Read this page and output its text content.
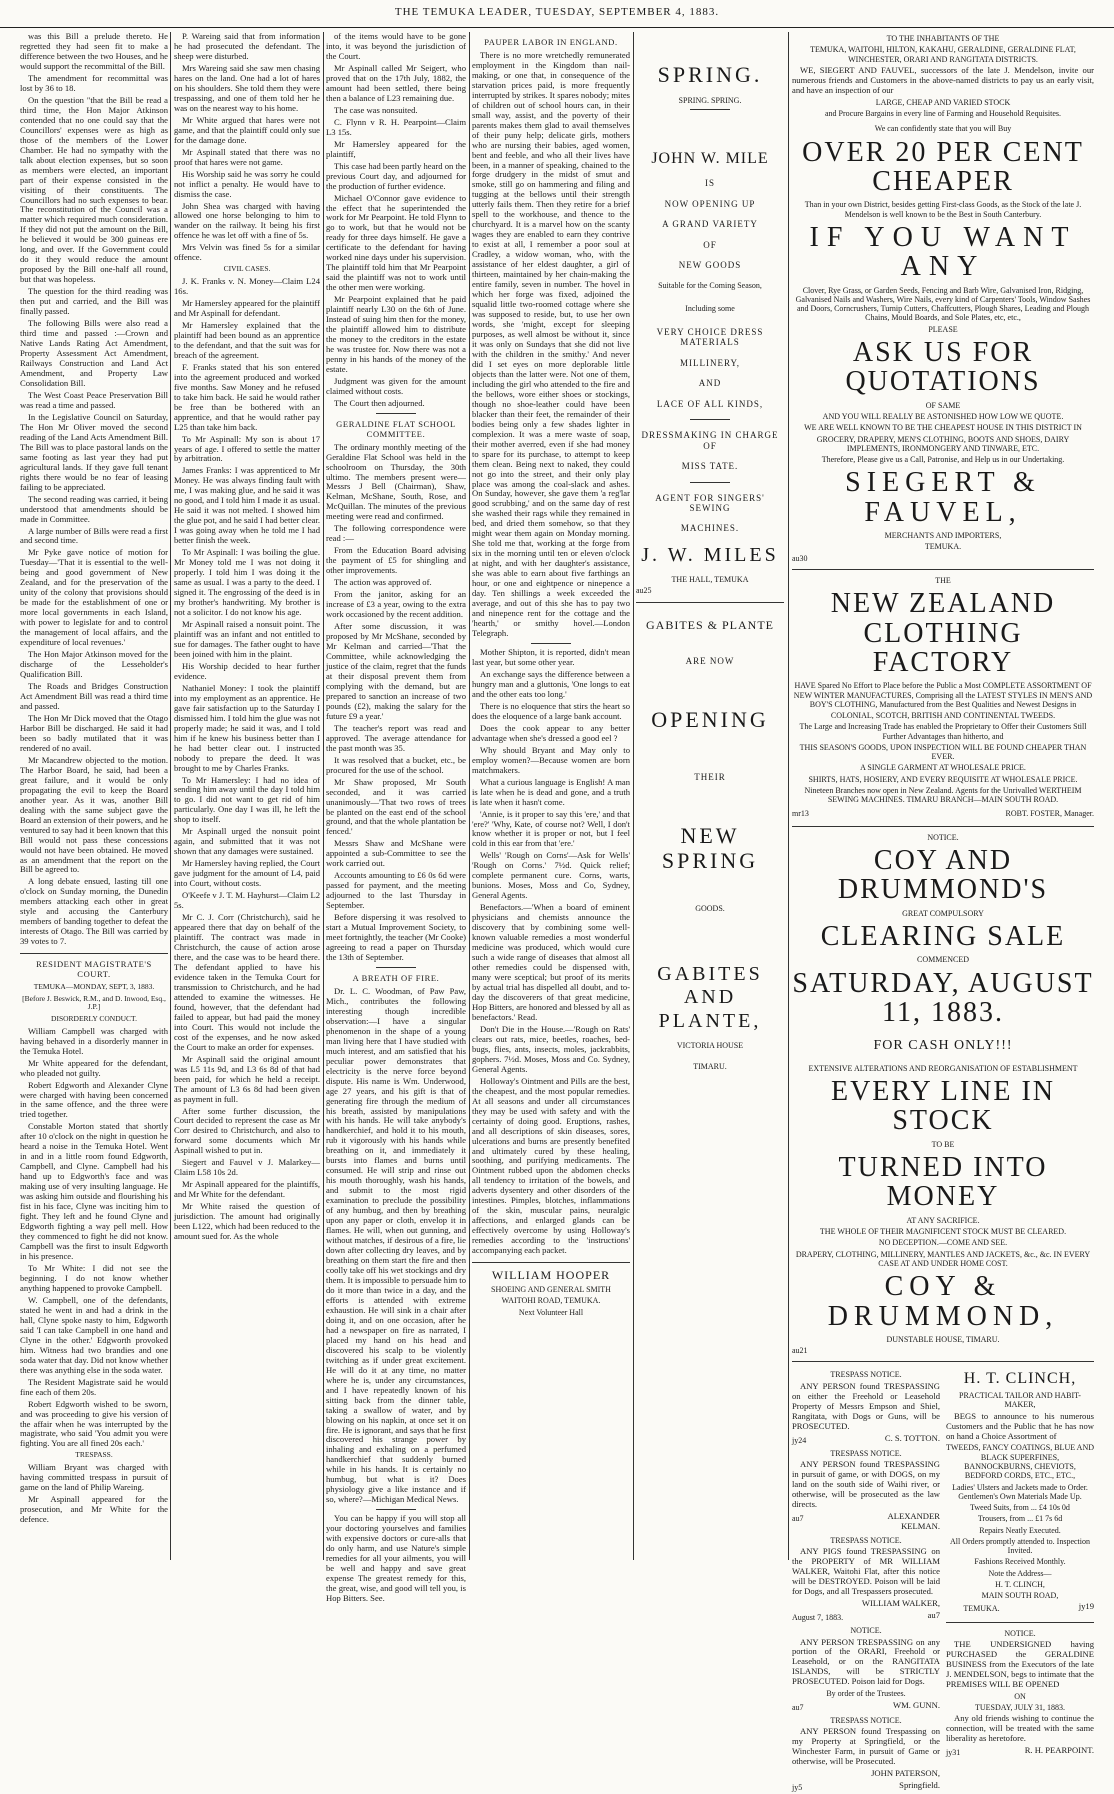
THE TEMUKA LEADER, TUESDAY, SEPTEMBER 4, 1883.

was this Bill a prelude thereto. He regretted they had seen fit to make a difference between the two Houses, and he would support the recommittal of the Bill.

The amendment for recommittal was lost by 36 to 18.

On the question "that the Bill be read a third time, the Hon Major Atkinson contended that no one could say that the Councillors' expenses were as high as those of the members of the Lower Chamber. He had no sympathy with the talk about election expenses, but so soon as members were elected, an important part of their expense consisted in the visiting of their constituents. The Councillors had no such expenses to bear. The reconstitution of the Council was a matter which required much consideration. If they did not put the amount on the Bill, he believed it would be 300 guineas ere long, and over. If the Government could do it they would reduce the amount proposed by the Bill one-half all round, but that was hopeless.

The question for the third reading was then put and carried, and the Bill was finally passed.

The following Bills were also read a third time and passed :—Crown and Native Lands Rating Act Amendment, Property Assessment Act Amendment, Railways Construction and Land Act Amendment, and Property Law Consolidation Bill.

The West Coast Peace Preservation Bill was read a time and passed.

In the Legislative Council on Saturday, The Hon Mr Oliver moved the second reading of the Land Acts Amendment Bill. The Bill was to place pastoral lands on the same footing as last year they had put agricultural lands. If they gave full tenant rights there would be no fear of leasing failing to be appreciated.

The second reading was carried, it being understood that amendments should be made in Committee.

A large number of Bills were read a first and second time.

Mr Pyke gave notice of motion for Tuesday—'That it is essential to the well-being and good government of New Zealand, and for the preservation of the unity of the colony that provisions should be made for the establishment of one or more local governments in each Island, with power to legislate for and to control the management of local affairs, and the expenditure of local revenues.'

The Hon Major Atkinson moved for the discharge of the Lesseholder's Qualification Bill.

The Roads and Bridges Construction Act Amendment Bill was read a third time and passed.

The Hon Mr Dick moved that the Otago Harbor Bill be discharged. He said it had been so badly mutilated that it was rendered of no avail.

Mr Macandrew objected to the motion. The Harbor Board, he said, had been a great failure, and it would be only propagating the evil to keep the Board another year. As it was, another Bill dealing with the same subject gave the Board an extension of their powers, and he ventured to say had it been known that this Bill would not pass these concessions would not have been obtained. He moved as an amendment that the report on the Bill be agreed to.

A long debate ensued, lasting till one o'clock on Sunday morning, the Dunedin members attacking each other in great style and accusing the Canterbury members of banding together to defeat the interests of Otago. The Bill was carried by 39 votes to 7.

RESIDENT MAGISTRATE'S COURT.

TEMUKA—MONDAY, SEPT, 3, 1883.

[Before J. Beswick, R.M., and D. Inwood, Esq., J.P.]

DISORDERLY CONDUCT.

William Campbell was charged with having behaved in a disorderly manner in the Temuka Hotel.

Mr White appeared for the defendant, who pleaded not guilty.

Robert Edgworth and Alexander Clyne were charged with having been concerned in the same offence, and the three were tried together.

Constable Morton stated that shortly after 10 o'clock on the night in question he heard a noise in the Temuka Hotel. Went in and in a little room found Edgworth, Campbell, and Clyne. Campbell had his hand up to Edgworth's face and was making use of very insulting language. He was asking him outside and flourishing his fist in his face, Clyne was inciting him to fight. They left and he found Clyne and Edgworth fighting a way pell mell. How they commenced to fight he did not know. Campbell was the first to insult Edgworth in his presence.

To Mr White: I did not see the beginning. I do not know whether anything happened to provoke Campbell.

W. Campbell, one of the defendants, stated he went in and had a drink in the hall, Clyne spoke nasty to him, Edgworth said 'I can take Campbell in one hand and Clyne in the other.' Edgworth provoked him. Witness had two brandies and one soda water that day. Did not know whether there was anything else in the soda water.

The Resident Magistrate said he would fine each of them 20s.

Robert Edgworth wished to be sworn, and was proceeding to give his version of the affair when he was interrupted by the magistrate, who said 'You admit you were fighting. You are all fined 20s each.'

TRESPASS.

William Bryant was charged with having committed trespass in pursuit of game on the land of Philip Wareing.

Mr Aspinall appeared for the prosecution, and Mr White for the defence.

P. Wareing said that from information he had prosecuted the defendant. The sheep were disturbed.

Mrs Wareing said she saw men chasing hares on the land. One had a lot of hares on his shoulders. She told them they were trespassing, and one of them told her he was on the nearest way to his home.

Mr White argued that hares were not game, and that the plaintiff could only sue for the damage done.

Mr Aspinall stated that there was no proof that hares were not game.

His Worship said he was sorry he could not inflict a penalty. He would have to dismiss the case.

John Shea was charged with having allowed one horse belonging to him to wander on the railway. It being his first offence he was let off with a fine of 5s.

Mrs Velvin was fined 5s for a similar offence.

CIVIL CASES.

J. K. Franks v. N. Money—Claim L24 16s.

Mr Hamersley appeared for the plaintiff and Mr Aspinall for defendant.

Mr Hamersley explained that the plaintiff had been bound as an apprentice to the defendant, and that the suit was for breach of the agreement.

F. Franks stated that his son entered into the agreement produced and worked five months. Saw Money and he refused to take him back. He said he would rather be free than be bothered with an apprentice, and that he would rather pay L25 than take him back.

To Mr Aspinall: My son is about 17 years of age. I offered to settle the matter by arbitration.

James Franks: I was apprenticed to Mr Money. He was always finding fault with me, I was making glue, and he said it was no good, and I told him I made it as usual. He said it was not melted. I showed him the glue pot, and he said I had better clear. I was going away when he told me I had better finish the week.

To Mr Aspinall: I was boiling the glue. Mr Money told me I was not doing it properly. I told him I was doing it the same as usual. I was a party to the deed. I signed it. The engrossing of the deed is in my brother's handwriting. My brother is not a solicitor. I do not know his age.

Mr Aspinall raised a nonsuit point. The plaintiff was an infant and not entitled to sue for damages. The father ought to have been joined with him in the plaint.

His Worship decided to hear further evidence.

Nathaniel Money: I took the plaintiff into my employment as an apprentice. He gave fair satisfaction up to the Saturday I dismissed him. I told him the glue was not properly made; he said it was, and I told him if he knew his business better than I he had better clear out. I instructed nobody to prepare the deed. It was brought to me by Charles Franks.

To Mr Hamersley: I had no idea of sending him away until the day I told him to go. I did not want to get rid of him particularly. One day I was ill, he left the shop to itself.

Mr Aspinall urged the nonsuit point again, and submitted that it was not shown that any damages were sustained.

Mr Hamersley having replied, the Court gave judgment for the amount of L4, paid into Court, without costs.

O'Keefe v J. T. M. Hayhurst—Claim L2 5s.

Mr C. J. Corr (Christchurch), said he appeared there that day on behalf of the plaintiff. The contract was made in Christchurch, the cause of action arose there, and the case was to be heard there. The defendant applied to have his evidence taken in the Temuka Court for transmission to Christchurch, and he had attended to examine the witnesses. He found, however, that the defendant had failed to appear, but had paid the money into Court. This would not include the cost of the expenses, and he now asked the Court to make an order for expenses.

Mr Aspinall said the original amount was L5 11s 9d, and L3 6s 8d of that had been paid, for which he held a receipt. The amount of L3 6s 8d had been given as payment in full.

After some further discussion, the Court decided to represent the case as Mr Corr desired to Christchurch, and also to forward some documents which Mr Aspinall wished to put in.

Siegert and Fauvel v J. Malarkey—Claim L58 10s 2d.

Mr Aspinall appeared for the plaintiffs, and Mr White for the defendant.

Mr White raised the question of jurisdiction. The amount had originally been L122, which had been reduced to the amount sued for. As the whole

of the items would have to be gone into, it was beyond the jurisdiction of the Court.

Mr Aspinall called Mr Seigert, who proved that on the 17th July, 1882, the amount had been settled, there being then a balance of L23 remaining due.

The case was nonsuited.

C. Flynn v R. H. Pearpoint—Claim L3 15s.

Mr Hamersley appeared for the plaintiff,

This case had been partly heard on the previous Court day, and adjourned for the production of further evidence.

Michael O'Connor gave evidence to the effect that he superintended the work for Mr Pearpoint. He told Flynn to go to work, but that he would not be ready for three days himself. He gave a certificate to the defendant for having worked nine days under his supervision. The plaintiff told him that Mr Pearpoint said the plaintiff was not to work until the other men were working.

Mr Pearpoint explained that he paid plaintiff nearly L30 on the 6th of June. Instead of suing him then for the money, the plaintiff allowed him to distribute the money to the creditors in the estate he was trustee for. Now there was not a penny in his hands of the money of the estate.

Judgment was given for the amount claimed without costs.

The Court then adjourned.

GERALDINE FLAT SCHOOL COMMITTEE.

The ordinary monthly meeting of the Geraldine Flat School was held in the schoolroom on Thursday, the 30th ultimo. The members present were—Messrs J Bell (Chairman), Shaw, Kelman, McShane, South, Rose, and McQuillan. The minutes of the previous meeting were read and confirmed.

The following correspondence were read :—

From the Education Board advising the payment of £5 for shingling and other improvements.

The action was approved of.

From the janitor, asking for an increase of £3 a year, owing to the extra work occasioned by the recent addition.

After some discussion, it was proposed by Mr McShane, seconded by Mr Kelman and carried—'That the Committee, while acknowledging the justice of the claim, regret that the funds at their disposal prevent them from complying with the demand, but are prepared to sanction an increase of two pounds (£2), making the salary for the future £9 a year.'

The teacher's report was read and approved. The average attendance for the past month was 35.

It was resolved that a bucket, etc., be procured for the use of the school.

Mr Shaw proposed, Mr South seconded, and it was carried unanimously—'That two rows of trees be planted on the east end of the school ground, and that the whole plantation be fenced.'

Messrs Shaw and McShane were appointed a sub-Committee to see the work carried out.

Accounts amounting to £6 0s 6d were passed for payment, and the meeting adjourned to the last Thursday in September.

Before dispersing it was resolved to start a Mutual Improvement Society, to meet fortnightly, the teacher (Mr Cooke) agreeing to read a paper on Thursday the 13th of September.

A BREATH OF FIRE.

Dr. L. C. Woodman, of Paw Paw, Mich., contributes the following interesting though incredible observation:—I have a singular phenomenon in the shape of a young man living here that I have studied with much interest, and am satisfied that his peculiar power demonstrates that electricity is the nerve force beyond dispute. His name is Wm. Underwood, age 27 years, and his gift is that of generating fire through the medium of his breath, assisted by manipulations with his hands. He will take anybody's handkerchief, and hold it to his mouth, rub it vigorously with his hands while breathing on it, and immediately it bursts into flames and burns until consumed. He will strip and rinse out his mouth thoroughly, wash his hands, and submit to the most rigid examination to preclude the possibility of any humbug, and then by breathing upon any paper or cloth, envelop it in flames. He will, when out gunning, and without matches, if desirous of a fire, lie down after collecting dry leaves, and by breathing on them start the fire and then coolly take off his wet stockings and dry them. It is impossible to persuade him to do it more than twice in a day, and the efforts is attended with extreme exhaustion. He will sink in a chair after doing it, and on one occasion, after he had a newspaper on fire as narrated, I placed my hand on his head and discovered his scalp to be violently twitching as if under great excitement. He will do it at any time, no matter where he is, under any circumstances, and I have repeatedly known of his sitting back from the dinner table, taking a swallow of water, and by blowing on his napkin, at once set it on fire. He is ignorant, and says that he first discovered his strange power by inhaling and exhaling on a perfumed handkerchief that suddenly burned while in his hands. It is certainly no humbug, but what is it? Does physiology give a like instance and if so, where?—Michigan Medical News.

You can be happy if you will stop all your doctoring yourselves and families with expensive doctors or cure-alls that do only harm, and use Nature's simple remedies for all your ailments, you will be well and happy and save great expense The greatest remedy for this, the great, wise, and good will tell you, is Hop Bitters. See.

PAUPER LABOR IN ENGLAND.

There is no more wretchedly remunerated employment in the Kingdom than nail-making, or one that, in consequence of the starvation prices paid, is more frequently interrupted by strikes. It spares nobody; mites of children out of school hours can, in their small way, assist, and the poverty of their parents makes them glad to avail themselves of their puny help; delicate girls, mothers who are nursing their babies, aged women, bent and feeble, and who all their lives have been, in a manner of speaking, chained to the forge drudgery in the midst of smut and smoke, still go on hammering and filing and tugging at the bellows until their strength utterly fails them. Then they retire for a brief spell to the workhouse, and thence to the churchyard. It is a marvel how on the scanty wages they are enabled to earn they contrive to exist at all, I remember a poor soul at Cradley, a widow woman, who, with the assistance of her eldest daughter, a girl of thirteen, maintained by her chain-making the entire family, seven in number. The hovel in which her forge was fixed, adjoined the squalid little two-roomed cottage where she was supposed to reside, but, to use her own words, she 'might, except for sleeping purposes, as well almost be without it, since it was only on Sundays that she did not live with the children in the smithy.' And never did I set eyes on more deplorable little objects than the latter were. Not one of them, including the girl who attended to the fire and the bellows, wore either shoes or stockings, though no shoe-leather could have been blacker than their feet, the remainder of their bodies being only a few shades lighter in complexion. It was a mere waste of soap, their mother averred, even if she had money to spare for its purchase, to attempt to keep them clean. Being next to naked, they could not go into the street, and their only play place was among the coal-slack and ashes. On Sunday, however, she gave them 'a reg'lar good scrubbing,' and on the same day of rest she washed their rags while they remained in bed, and dried them somehow, so that they might wear them again on Monday morning. She told me that, working at the forge from six in the morning until ten or eleven o'clock at night, and with her daughter's assistance, she was able to earn about five farthings an hour, or one and eightpence or ninepence a day. Ten shillings a week exceeded the average, and out of this she has to pay two and ninepence rent for the cottage and the 'hearth,' or smithy hovel.—London Telegraph.

Mother Shipton, it is reported, didn't mean last year, but some other year.

An exchange says the difference between a hungry man and a gluttonis, 'One longs to eat and the other eats too long.'

There is no eloquence that stirs the heart so does the eloquence of a large bank account.

Does the cook appear to any better advantage when she's dressed a good eel ?

Why should Bryant and May only to employ women?—Because women are born matchmakers.

What a curious language is English! A man is late when he is dead and gone, and a truth is late when it hasn't come.

'Annie, is it proper to say this 'ere,' and that 'ere?' 'Why, Kate, of course not? Well, I don't know whether it is proper or not, but I feel cold in this ear from that 'ere.'

Wells' 'Rough on Corns'—Ask for Wells' 'Rough on Corns.' 7½d. Quick relief; complete permanent cure. Corns, warts, bunions. Moses, Moss and Co, Sydney, General Agents.

Benefactors.—'When a board of eminent physicians and chemists announce the discovery that by combining some well-known valuable remedies a most wonderful medicine was produced, which would cure such a wide range of diseases that almost all other remedies could be dispensed with, many were sceptical; but proof of its merits by actual trial has dispelled all doubt, and to-day the discoverers of that great medicine, Hop Bitters, are honored and blessed by all as benefactors.' Read.

Don't Die in the House.—'Rough on Rats' clears out rats, mice, beetles, roaches, bed-bugs, flies, ants, insects, moles, jackrabbits, gophers. 7½d. Moses, Moss and Co. Sydney, General Agents.

Holloway's Ointment and Pills are the best, the cheapest, and the most popular remedies. At all seasons and under all circumstances they may be used with safety and with the certainty of doing good. Eruptions, rashes, and all descriptions of skin diseases, sores, ulcerations and burns are presently benefited and ultimately cured by these healing, soothing, and purifying medicaments. The Ointment rubbed upon the abdomen checks all tendency to irritation of the bowels, and adverts dysentery and other disorders of the intestines. Pimples, blotches, inflammations of the skin, muscular pains, neuralgic affections, and enlarged glands can be effectively overcome by using Holloway's remedies according to the 'instructions' accompanying each packet.

WILLIAM HOOPER

SHOEING AND GENERAL SMITH

WAITOHI ROAD, TEMUKA.

Next Volunteer Hall

SPRING.

SPRING. SPRING.

JOHN W. MILE

IS

NOW OPENING UP

A GRAND VARIETY

OF

NEW GOODS

Suitable for the Coming Season,

Including some

VERY CHOICE DRESS MATERIALS

MILLINERY,

AND

LACE OF ALL KINDS,

DRESSMAKING IN CHARGE OF

MISS TATE.

AGENT FOR SINGERS' SEWING

MACHINES.

J. W. MILES

THE HALL, TEMUKA

au25

GABITES & PLANTE

ARE NOW

OPENING

THEIR

NEW SPRING

GOODS.

GABITES AND PLANTE,

VICTORIA HOUSE

TIMARU.

TO THE INHABITANTS OF THE

TEMUKA, WAITOHI, HILTON, KAKAHU, GERALDINE, GERALDINE FLAT, WINCHESTER, ORARI AND RANGITATA DISTRICTS.

WE, SIEGERT AND FAUVEL, successors of the late J. Mendelson, invite our numerous friends and Customers in the above-named districts to pay us an early visit, and have an inspection of our

LARGE, CHEAP AND VARIED STOCK

and Procure Bargains in every line of Farming and Household Requisites.

We can confidently state that you will Buy

OVER 20 PER CENT CHEAPER

Than in your own District, besides getting First-class Goods, as the Stock of the late J. Mendelson is well known to be the Best in South Canterbury.

IF YOU WANT ANY

Clover, Rye Grass, or Garden Seeds, Fencing and Barb Wire, Galvanised Iron, Ridging, Galvanised Nails and Washers, Wire Nails, every kind of Carpenters' Tools, Window Sashes and Doors, Corncrushers, Turnip Cutters, Chaffcutters, Plough Shares, Leading and Plough Chains, Mould Boards, and Sole Plates, etc, etc.,

PLEASE

ASK US FOR QUOTATIONS

OF SAME

AND YOU WILL REALLY BE ASTONISHED HOW LOW WE QUOTE.

WE ARE WELL KNOWN TO BE THE CHEAPEST HOUSE IN THIS DISTRICT IN

GROCERY, DRAPERY, MEN'S CLOTHING, BOOTS AND SHOES, DAIRY IMPLEMENTS, IRONMONGERY AND TINWARE, ETC.

Therefore, Please give us a Call, Patronise, and Help us in our Undertaking.

SIEGERT & FAUVEL,

MERCHANTS AND IMPORTERS,

TEMUKA.

au30

THE

NEW ZEALAND CLOTHING FACTORY

HAVE Spared No Effort to Place before the Public a Most COMPLETE ASSORTMENT OF NEW WINTER MANUFACTURES, Comprising all the LATEST STYLES IN MEN'S AND BOY'S CLOTHING, Manufactured from the Best Qualities and Newest Designs in

COLONIAL, SCOTCH, BRITISH AND CONTINENTAL TWEEDS.

The Large and Increasing Trade has enabled the Proprietary to Offer their Customers Still Further Advantages than hitherto, and

THIS SEASON'S GOODS, UPON INSPECTION WILL BE FOUND CHEAPER THAN EVER.

A SINGLE GARMENT AT WHOLESALE PRICE.

SHIRTS, HATS, HOSIERY, AND EVERY REQUISITE AT WHOLESALE PRICE.

Nineteen Branches now open in New Zealand. Agents for the Unrivalled WERTHEIM SEWING MACHINES. TIMARU BRANCH—MAIN SOUTH ROAD.

mr13	ROBT. FOSTER, Manager.

NOTICE.

COY AND DRUMMOND'S

GREAT COMPULSORY

CLEARING SALE

COMMENCED

SATURDAY, AUGUST 11, 1883.

FOR CASH ONLY!!!

EXTENSIVE ALTERATIONS AND REORGANISATION OF ESTABLISHMENT

EVERY LINE IN STOCK

TO BE

TURNED INTO MONEY

AT ANY SACRIFICE.

THE WHOLE OF THEIR MAGNIFICENT STOCK MUST BE CLEARED.

NO DECEPTION.—COME AND SEE.

DRAPERY, CLOTHING, MILLINERY, MANTLES AND JACKETS, &c., &c. IN EVERY CASE AT AND UNDER HOME COST.

COY & DRUMMOND,

DUNSTABLE HOUSE, TIMARU.

au21

TRESPASS NOTICE.

ANY PERSON found TRESPASSING on either the Freehold or Leasehold Property of Messrs Empson and Shiel, Rangitata, with Dogs or Guns, will be PROSECUTED.

jy24	C. S. TOTTON.

TRESPASS NOTICE.

ANY PERSON found TRESPASSING in pursuit of game, or with DOGS, on my land on the south side of Waihi river, or otherwise, will be prosecuted as the law directs.

au7	ALEXANDER KELMAN.

TRESPASS NOTICE.

ANY PIGS found TRESPASSING on the PROPERTY of MR WILLIAM WALKER, Waitohi Flat, after this notice will be DESTROYED. Poison will be laid for Dogs, and all Trespassers prosecuted.

WILLIAM WALKER,

August 7, 1883.	au7

NOTICE.

ANY PERSON TRESPASSING on any portion of the ORARI, Freehold or Leasehold, or on the RANGITATA ISLANDS, will be STRICTLY PROSECUTED. Poison laid for Dogs.

By order of the Trustees.

au7	WM. GUNN.

TRESPASS NOTICE.

ANY PERSON found Trespassing on my Property at Springfield, or the Winchester Farm, in pursuit of Game or otherwise, will be Prosecuted.

JOHN PATERSON,

jy5	Springfield.

H. T. CLINCH,

PRACTICAL TAILOR AND HABIT-MAKER,

BEGS to announce to his numerous Customers and the Public that he has now on hand a Choice Assortment of

TWEEDS, FANCY COATINGS, BLUE AND BLACK SUPERFINES, BANNOCKBURNS, CHEVIOTS, BEDFORD CORDS, ETC., ETC.,

Ladies' Ulsters and Jackets made to Order. Gentlemen's Own Materials Made Up.

Tweed Suits, from ... £4 10s 0d

Trousers, from ... £1 7s 6d

Repairs Neatly Executed.

All Orders promptly attended to. Inspection Invited.

Fashions Received Monthly.

Note the Address—

H. T. CLINCH,

MAIN SOUTH ROAD,

TEMUKA.	jy19

NOTICE.

THE UNDERSIGNED having PURCHASED the GERALDINE BUSINESS from the Executors of the late J. MENDELSON, begs to intimate that the PREMISES WILL BE OPENED

ON

TUESDAY, JULY 31, 1883.

Any old friends wishing to continue the connection, will be treated with the same liberality as heretofore.

jy31	R. H. PEARPOINT.
